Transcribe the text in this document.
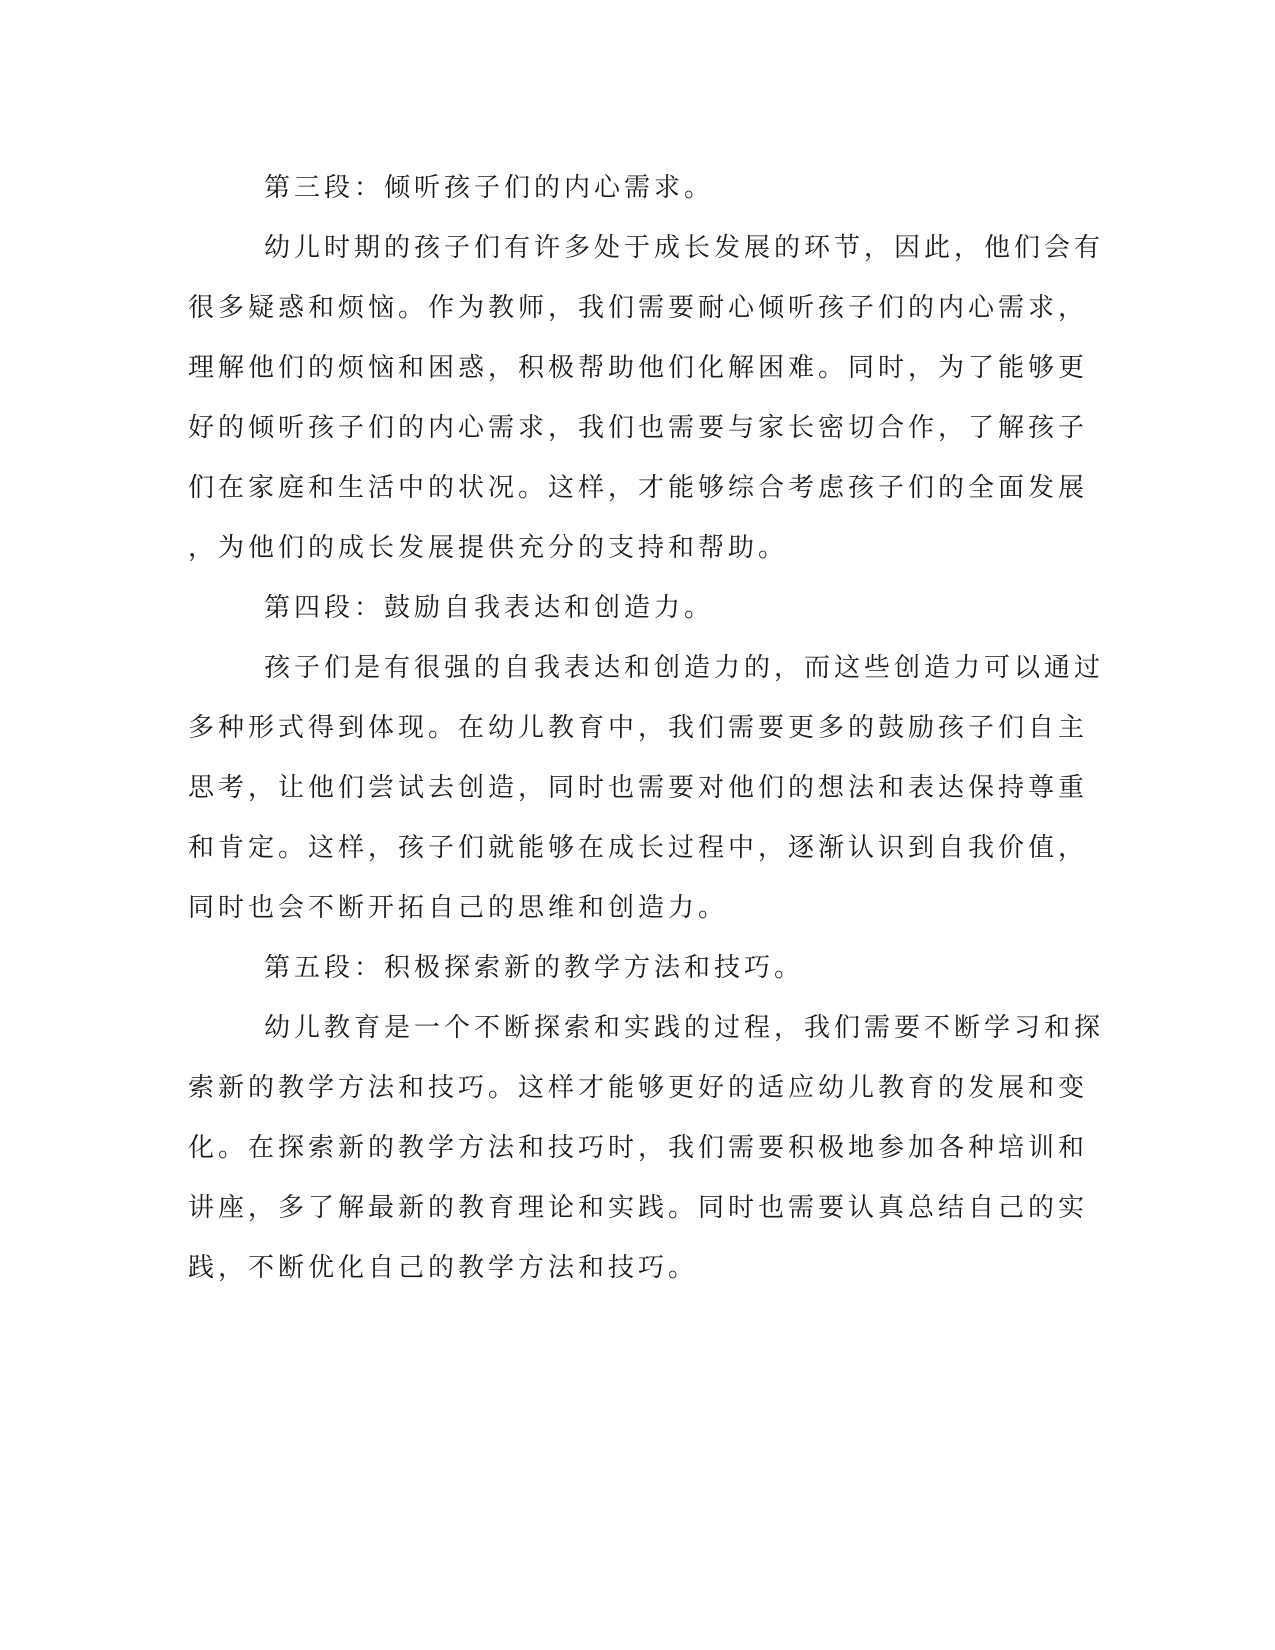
第三段：倾听孩子们的内心需求。
幼儿时期的孩子们有许多处于成长发展的环节，因此，他们会有
很多疑惑和烦恼。作为教师，我们需要耐心倾听孩子们的内心需求，
理解他们的烦恼和困惑，积极帮助他们化解困难。同时，为了能够更
好的倾听孩子们的内心需求，我们也需要与家长密切合作，了解孩子
们在家庭和生活中的状况。这样，才能够综合考虑孩子们的全面发展
，为他们的成长发展提供充分的支持和帮助。
第四段：鼓励自我表达和创造力。
孩子们是有很强的自我表达和创造力的，而这些创造力可以通过
多种形式得到体现。在幼儿教育中，我们需要更多的鼓励孩子们自主
思考，让他们尝试去创造，同时也需要对他们的想法和表达保持尊重
和肯定。这样，孩子们就能够在成长过程中，逐渐认识到自我价值，
同时也会不断开拓自己的思维和创造力。
第五段：积极探索新的教学方法和技巧。
幼儿教育是一个不断探索和实践的过程，我们需要不断学习和探
索新的教学方法和技巧。这样才能够更好的适应幼儿教育的发展和变
化。在探索新的教学方法和技巧时，我们需要积极地参加各种培训和
讲座，多了解最新的教育理论和实践。同时也需要认真总结自己的实
践，不断优化自己的教学方法和技巧。
